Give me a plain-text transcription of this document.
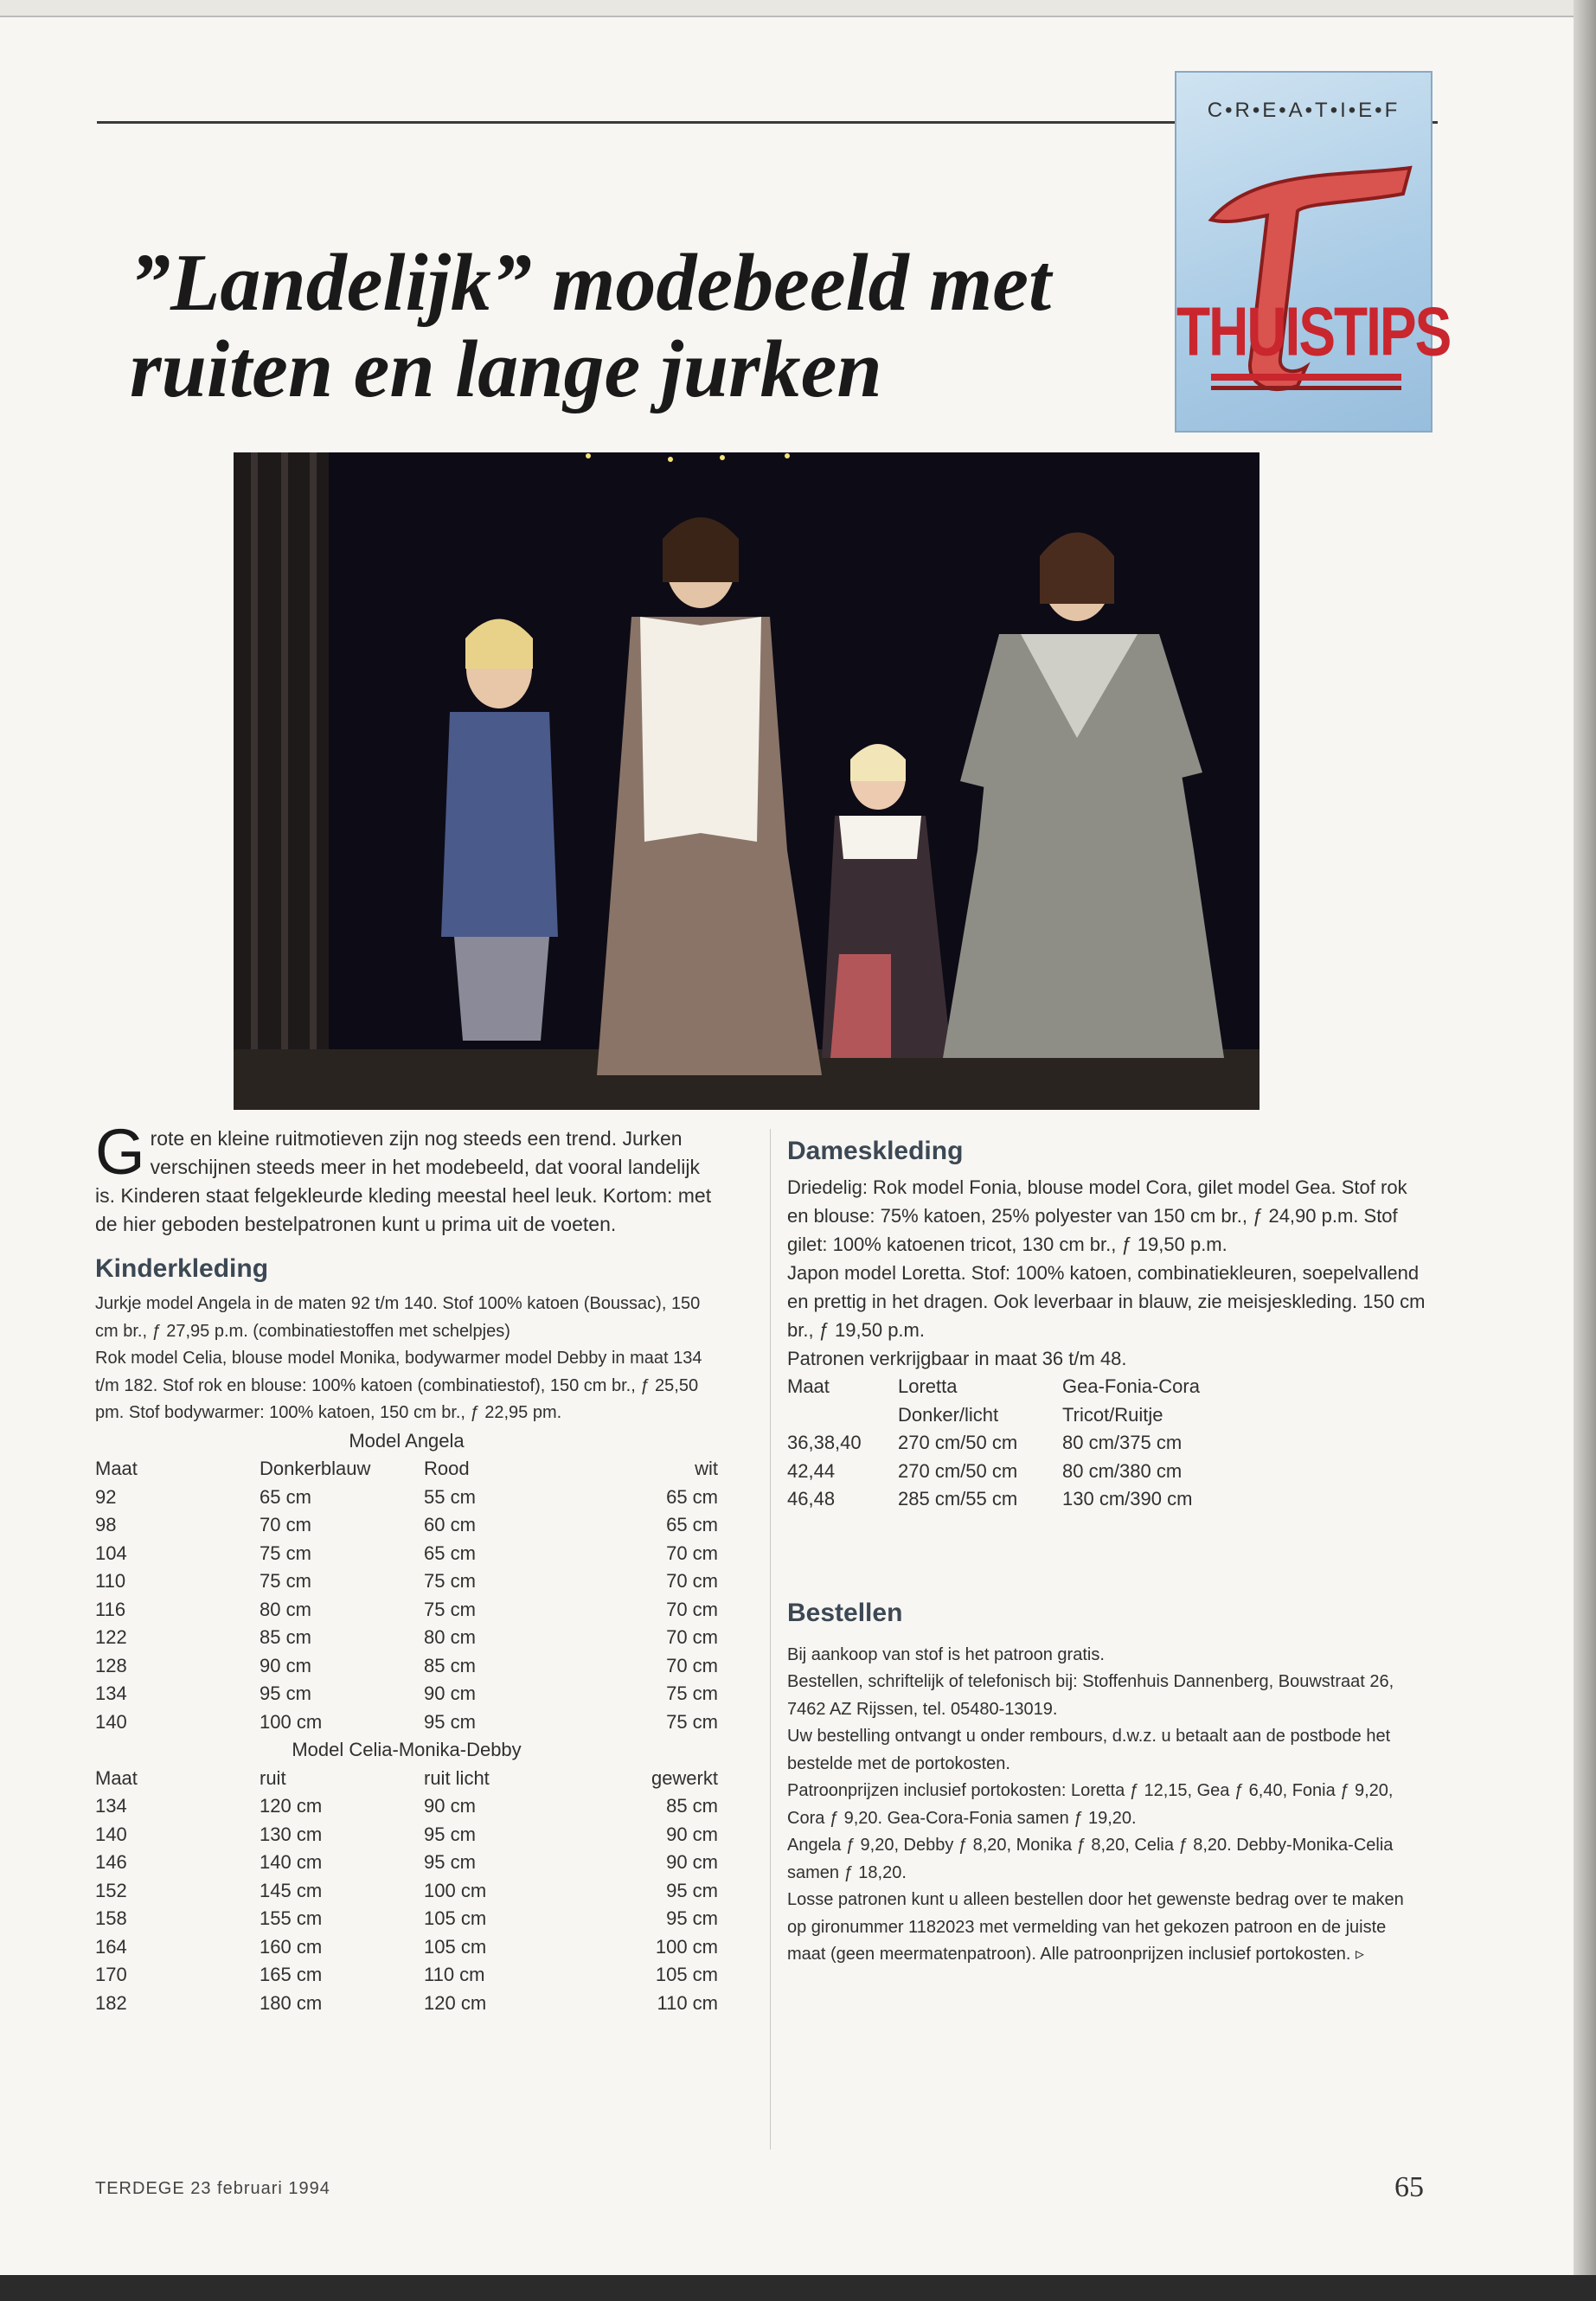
C•R•E•A•T•I•E•F
THUISTIPS
”Landelijk” modebeeld met
ruiten en lange jurken

Grote en kleine ruitmotieven zijn nog steeds een trend. Jurken verschijnen steeds meer in het modebeeld, dat vooral landelijk is. Kinderen staat felgekleurde kleding meestal heel leuk. Kortom: met de hier geboden bestelpatronen kunt u prima uit de voeten.

Kinderkleding

Jurkje model Angela in de maten 92 t/m 140. Stof 100% katoen (Boussac), 150 cm br., ƒ 27,95 p.m. (combinatiestoffen met schelpjes)

Rok model Celia, blouse model Monika, bodywarmer model Debby in maat 134 t/m 182. Stof rok en blouse: 100% katoen (combinatiestof), 150 cm br., ƒ 25,50 pm. Stof bodywarmer: 100% katoen, 150 cm br., ƒ 22,95 pm.

Model Angela			
Maat	Donkerblauw	Rood	wit
92	65 cm	55 cm	65 cm
98	70 cm	60 cm	65 cm
104	75 cm	65 cm	70 cm
110	75 cm	75 cm	70 cm
116	80 cm	75 cm	70 cm
122	85 cm	80 cm	70 cm
128	90 cm	85 cm	70 cm
134	95 cm	90 cm	75 cm
140	100 cm	95 cm	75 cm
Model Celia-Monika-Debby			
Maat	ruit	ruit licht	gewerkt
134	120 cm	90 cm	85 cm
140	130 cm	95 cm	90 cm
146	140 cm	95 cm	90 cm
152	145 cm	100 cm	95 cm
158	155 cm	105 cm	95 cm
164	160 cm	105 cm	100 cm
170	165 cm	110 cm	105 cm
182	180 cm	120 cm	110 cm
Dameskleding

Driedelig: Rok model Fonia, blouse model Cora, gilet model Gea. Stof rok en blouse: 75% katoen, 25% polyester van 150 cm br., ƒ 24,90 p.m. Stof gilet: 100% katoenen tricot, 130 cm br., ƒ 19,50 p.m.

Japon model Loretta. Stof: 100% katoen, combinatiekleuren, soepelvallend en prettig in het dragen. Ook leverbaar in blauw, zie meisjeskleding. 150 cm br., ƒ 19,50 p.m.

Patronen verkrijgbaar in maat 36 t/m 48.

Maat	Loretta	Gea-Fonia-Cora
	Donker/licht	Tricot/Ruitje
36,38,40	270 cm/50 cm	80 cm/375 cm
42,44	270 cm/50 cm	80 cm/380 cm
46,48	285 cm/55 cm	130 cm/390 cm
Bestellen

Bij aankoop van stof is het patroon gratis.

Bestellen, schriftelijk of telefonisch bij: Stoffenhuis Dannenberg, Bouwstraat 26, 7462 AZ Rijssen, tel. 05480-13019.

Uw bestelling ontvangt u onder rembours, d.w.z. u betaalt aan de postbode het bestelde met de portokosten.

Patroonprijzen inclusief portokosten: Loretta ƒ 12,15, Gea ƒ 6,40, Fonia ƒ 9,20, Cora ƒ 9,20. Gea-Cora-Fonia samen ƒ 19,20.

Angela ƒ 9,20, Debby ƒ 8,20, Monika ƒ 8,20, Celia ƒ 8,20. Debby-Monika-Celia samen ƒ 18,20.

Losse patronen kunt u alleen bestellen door het gewenste bedrag over te maken op gironummer 1182023 met vermelding van het gekozen patroon en de juiste maat (geen meermatenpatroon). Alle patroonprijzen inclusief portokosten. ▹

TERDEGE 23 februari 1994	65
